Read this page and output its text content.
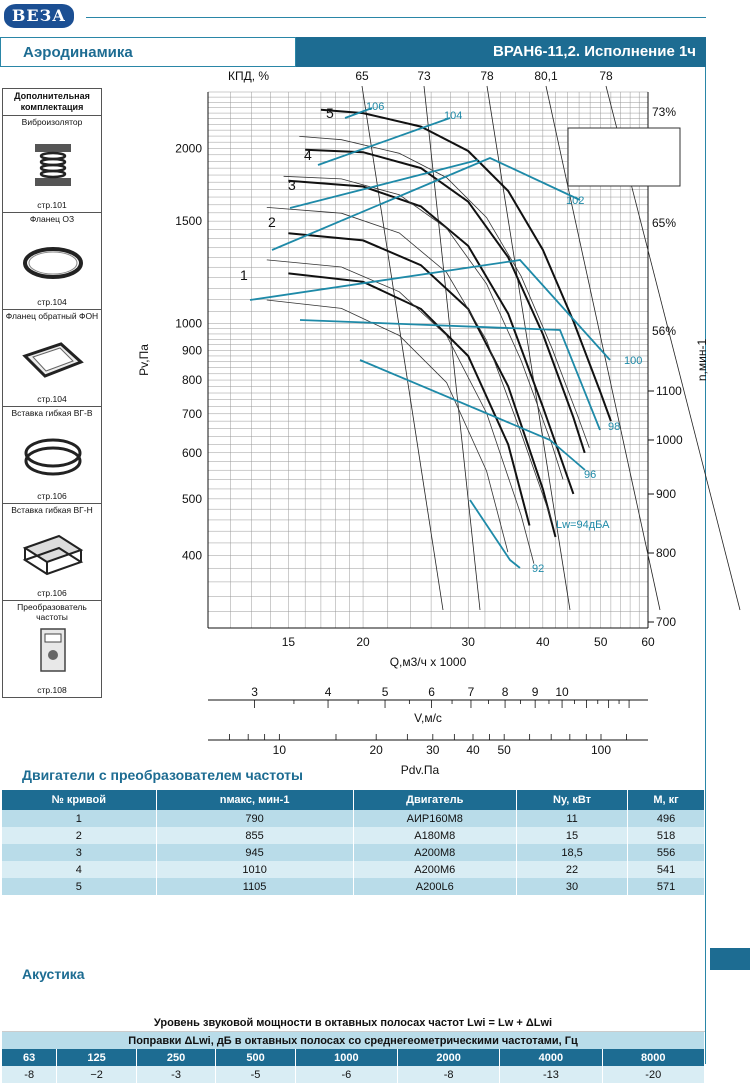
ВЕЗА
Аэродинамика	ВРАН6-11,2. Исполнение 1ч
Дополнительная комплектация
Виброизолятор
стр.101
Фланец ОЗ
стр.104
Фланец обратный ФОН
стр.104
Вставка гибкая ВГ-В
стр.106
Вставка гибкая ВГ-Н
стр.106
Преобразователь частоты
стр.108
15	20	30	40	50	60
Q,м3/ч x 1000
400
500
600
700
800
900
1000
1500
2000
Pv,Па
700
800
900
1000
1100
n,мин-1
КПД, %	65	73	78	80,1	78
73%
65%
56%
1
2
3
4
5	106
104
102
100
98
96
Lw=94дБА
92
3	4	5	6	7 8 9 10
V,м/с
10	20	30 40 50	100
Pdv.Па
Двигатели с преобразователем частоты
№ кривой	nмакс, мин-1	Двигатель	Ny, кВт	M, кг
1	790	АИР160М8	11	496
2	855	А180М8	15	518
3	945	А200М8	18,5	556
4	1010	А200М6	22	541
5	1105	А200L6	30	571
Акустика
Уровень звуковой мощности в октавных полосах частот Lwi = Lw + ΔLwi							
Поправки ΔLwi, дБ в октавных полосах со среднегеометрическими частотами, Гц							
63	125	250	500	1000	2000	4000	8000
-8	−2	-3	-5	-6	-8	-13	-20
